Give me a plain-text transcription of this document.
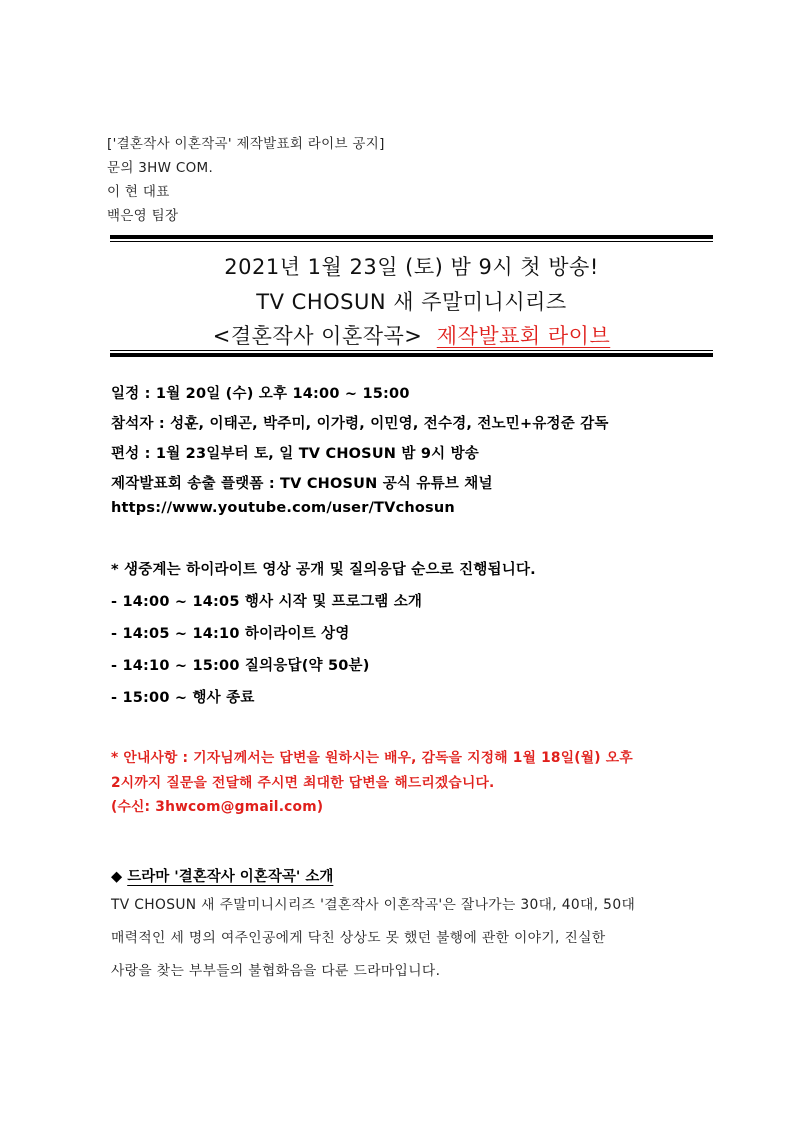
['결혼작사 이혼작곡' 제작발표회 라이브 공지]
문의 3HW COM.
이 현 대표
백은영 팀장
2021년 1월 23일 (토) 밤 9시 첫 방송!
TV CHOSUN 새 주말미니시리즈
<결혼작사 이혼작곡> 제작발표회 라이브
일정 : 1월 20일 (수) 오후 14:00 ~ 15:00
참석자 : 성훈, 이태곤, 박주미, 이가령, 이민영, 전수경, 전노민+유정준 감독
편성 : 1월 23일부터 토, 일 TV CHOSUN 밤 9시 방송
제작발표회 송출 플랫폼 : TV CHOSUN 공식 유튜브 채널
https://www.youtube.com/user/TVchosun
* 생중계는 하이라이트 영상 공개 및 질의응답 순으로 진행됩니다.
- 14:00 ~ 14:05 행사 시작 및 프로그램 소개
- 14:05 ~ 14:10 하이라이트 상영
- 14:10 ~ 15:00 질의응답(약 50분)
- 15:00 ~ 행사 종료
* 안내사항 : 기자님께서는 답변을 원하시는 배우, 감독을 지정해 1월 18일(월) 오후
2시까지 질문을 전달해 주시면 최대한 답변을 해드리겠습니다.
(수신: 3hwcom@gmail.com)
◆ 드라마 '결혼작사 이혼작곡' 소개
TV CHOSUN 새 주말미니시리즈 '결혼작사 이혼작곡'은 잘나가는 30대, 40대, 50대
매력적인 세 명의 여주인공에게 닥친 상상도 못 했던 불행에 관한 이야기, 진실한
사랑을 찾는 부부들의 불협화음을 다룬 드라마입니다.
